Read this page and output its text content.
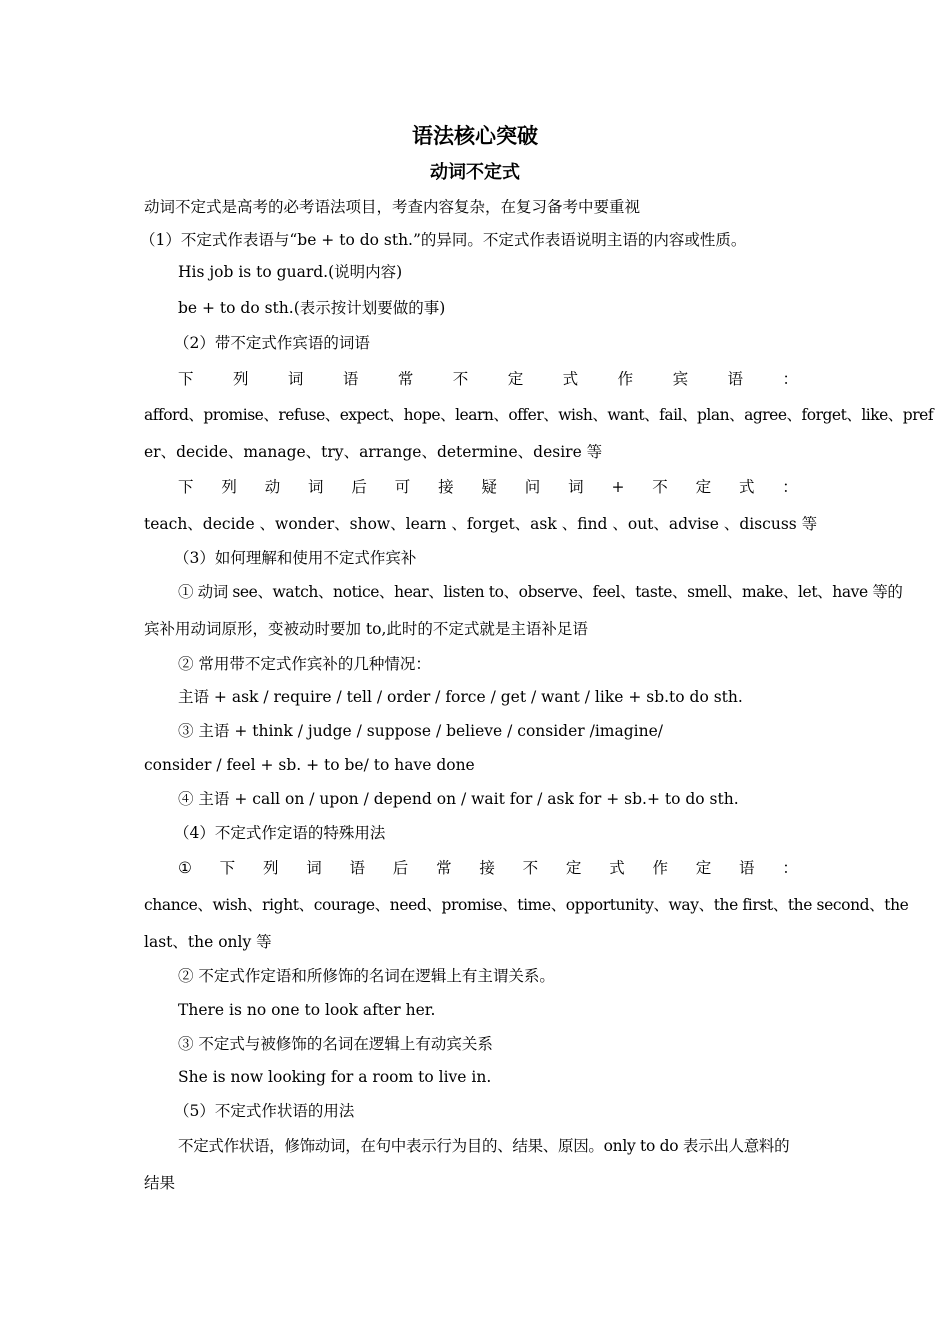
语法核心突破
动词不定式
动词不定式是高考的必考语法项目，考查内容复杂，在复习备考中要重视
（1）不定式作表语与“be + to do sth.”的异同。不定式作表语说明主语的内容或性质。
His job is to guard.(说明内容)
be + to do sth.(表示按计划要做的事)
（2）带不定式作宾语的词语
下	列	词	语	常	不	定	式	作	宾	语	：
afford、promise、refuse、expect、hope、learn、offer、wish、want、fail、plan、agree、forget、like、pref
er、decide、manage、try、arrange、determine、desire 等
下 列 动 词 后 可 接 疑 问 词 + 不 定 式 ：
teach、decide 、wonder、show、learn 、forget、ask 、find 、out、advise 、discuss 等
（3）如何理解和使用不定式作宾补
① 动词 see、watch、notice、hear、listen to、observe、feel、taste、smell、make、let、have 等的
宾补用动词原形，变被动时要加 to,此时的不定式就是主语补足语
② 常用带不定式作宾补的几种情况：
主语 + ask / require / tell / order / force / get / want / like + sb.to do sth.
③ 主语 + think / judge / suppose / believe / consider /imagine/
consider / feel + sb. + to be/ to have done
④ 主语 + call on / upon / depend on / wait for / ask for + sb.+ to do sth.
（4）不定式作定语的特殊用法
① 下 列 词 语 后 常 接 不 定 式 作 定 语 ：
chance、wish、right、courage、need、promise、time、opportunity、way、the first、the second、the
last、the only 等
② 不定式作定语和所修饰的名词在逻辑上有主谓关系。
There is no one to look after her.
③ 不定式与被修饰的名词在逻辑上有动宾关系
She is now looking for a room to live in.
（5）不定式作状语的用法
不定式作状语，修饰动词，在句中表示行为目的、结果、原因。only to do 表示出人意料的
结果
